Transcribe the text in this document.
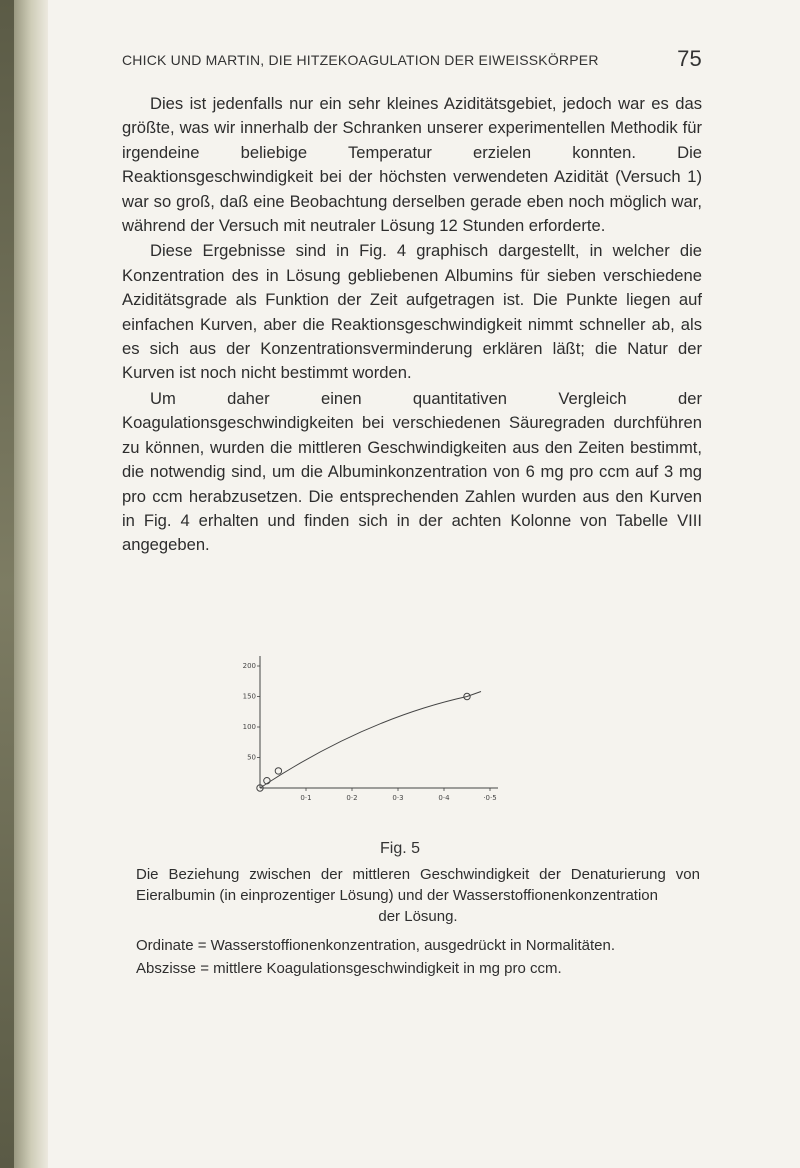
CHICK UND MARTIN, DIE HITZEKOAGULATION DER EIWEISSKÖRPER	75

Dies ist jedenfalls nur ein sehr kleines Aziditätsgebiet, jedoch war es das größte, was wir innerhalb der Schranken unserer experimentellen Methodik für irgendeine beliebige Temperatur erzielen konnten. Die Reaktionsgeschwindigkeit bei der höchsten verwendeten Azidität (Versuch 1) war so groß, daß eine Beobachtung derselben gerade eben noch möglich war, während der Versuch mit neutraler Lösung 12 Stunden erforderte.

Diese Ergebnisse sind in Fig. 4 graphisch dargestellt, in welcher die Konzentration des in Lösung gebliebenen Albumins für sieben verschiedene Aziditätsgrade als Funktion der Zeit aufgetragen ist. Die Punkte liegen auf einfachen Kurven, aber die Reaktionsgeschwindigkeit nimmt schneller ab, als es sich aus der Konzentrationsverminderung erklären läßt; die Natur der Kurven ist noch nicht bestimmt worden.

Um daher einen quantitativen Vergleich der Koagulationsgeschwindigkeiten bei verschiedenen Säuregraden durchführen zu können, wurden die mittleren Geschwindigkeiten aus den Zeiten bestimmt, die notwendig sind, um die Albuminkonzentration von 6 mg pro ccm auf 3 mg pro ccm herabzusetzen. Die entsprechenden Zahlen wurden aus den Kurven in Fig. 4 erhalten und finden sich in der achten Kolonne von Tabelle VIII angegeben.

200
150
100
50
0·1	0·2	0·3	0·4	·0·5
Fig. 5
Die Beziehung zwischen der mittleren Geschwindigkeit der Denaturierung von Eieralbumin (in einprozentiger Lösung) und der Wasserstoffionenkonzentration
der Lösung.
Ordinate = Wasserstoffionenkonzentration, ausgedrückt in Normalitäten.
Abszisse = mittlere Koagulationsgeschwindigkeit in mg pro ccm.
